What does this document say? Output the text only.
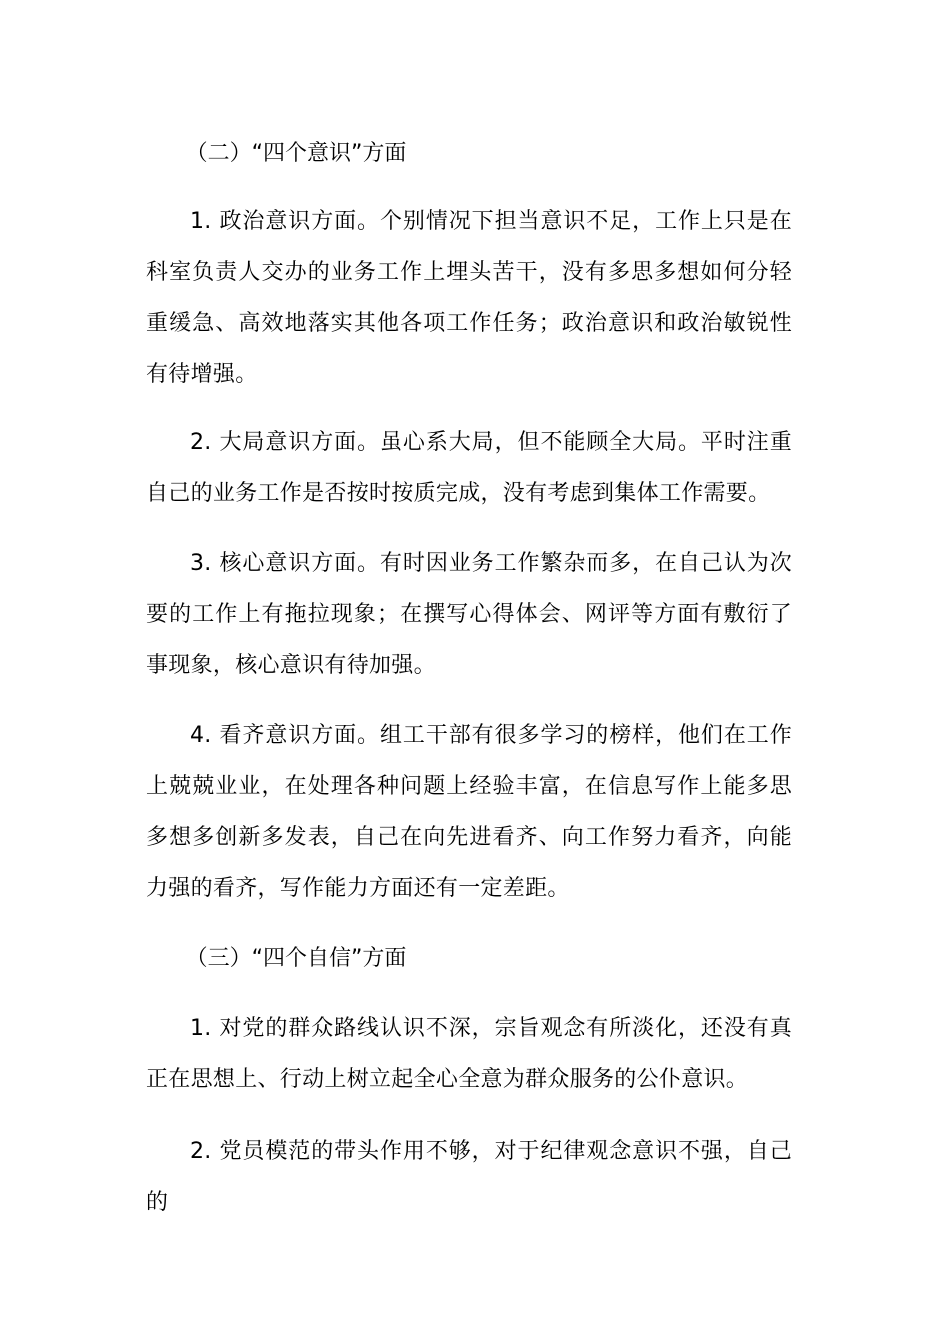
（二）“四个意识”方面

1. 政治意识方面。个别情况下担当意识不足，工作上只是在科室负责人交办的业务工作上埋头苦干，没有多思多想如何分轻重缓急、高效地落实其他各项工作任务；政治意识和政治敏锐性有待增强。

2. 大局意识方面。虽心系大局，但不能顾全大局。平时注重自己的业务工作是否按时按质完成，没有考虑到集体工作需要。

3. 核心意识方面。有时因业务工作繁杂而多，在自己认为次要的工作上有拖拉现象；在撰写心得体会、网评等方面有敷衍了事现象，核心意识有待加强。

4. 看齐意识方面。组工干部有很多学习的榜样，他们在工作上兢兢业业，在处理各种问题上经验丰富，在信息写作上能多思多想多创新多发表，自己在向先进看齐、向工作努力看齐，向能力强的看齐，写作能力方面还有一定差距。

（三）“四个自信”方面

1. 对党的群众路线认识不深，宗旨观念有所淡化，还没有真正在思想上、行动上树立起全心全意为群众服务的公仆意识。

2. 党员模范的带头作用不够，对于纪律观念意识不强，自己的
